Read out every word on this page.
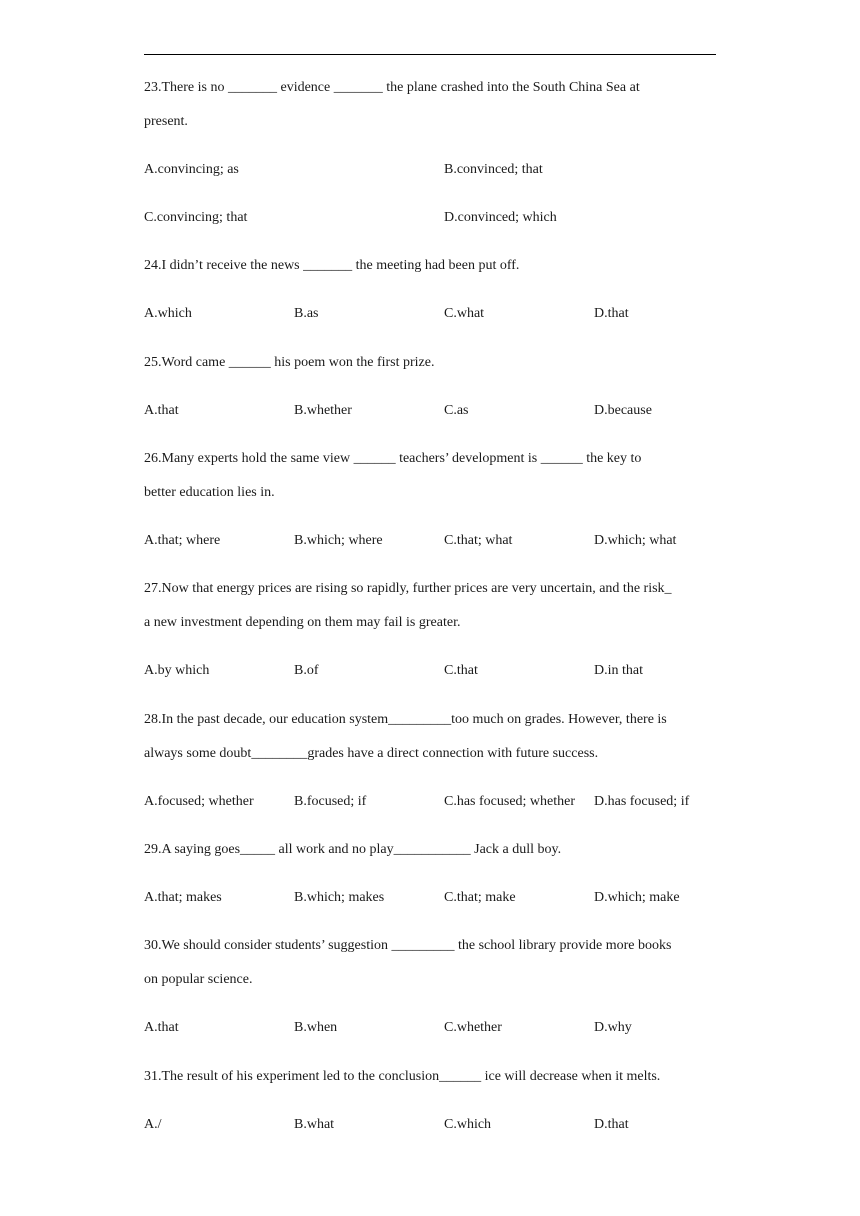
23.There is no _______ evidence _______ the plane crashed into the South China Sea at
present.
A.convincing; as	B.convinced; that
C.convincing; that	D.convinced; which
24.I didn’t receive the news _______ the meeting had been put off.
A.which	B.as	C.what	D.that
25.Word came ______ his poem won the first prize.
A.that	B.whether	C.as	D.because
26.Many experts hold the same view ______ teachers’ development is ______ the key to
better education lies in.
A.that; where	B.which; where	C.that; what	D.which; what
27.Now that energy prices are rising so rapidly, further prices are very uncertain, and the risk_
a new investment depending on them may fail is greater.
A.by which	B.of	C.that	D.in that
28.In the past decade, our education system_________too much on grades. However, there is
always some doubt________grades have a direct connection with future success.
A.focused; whether	B.focused; if	C.has focused; whether D.has focused; if
29.A saying goes_____ all work and no play___________ Jack a dull boy.
A.that; makes	B.which; makes	C.that; make	D.which; make
30.We should consider students’ suggestion _________ the school library provide more books
on popular science.
A.that	B.when	C.whether	D.why
31.The result of his experiment led to the conclusion______ ice will decrease when it melts.
A./	B.what	C.which	D.that
